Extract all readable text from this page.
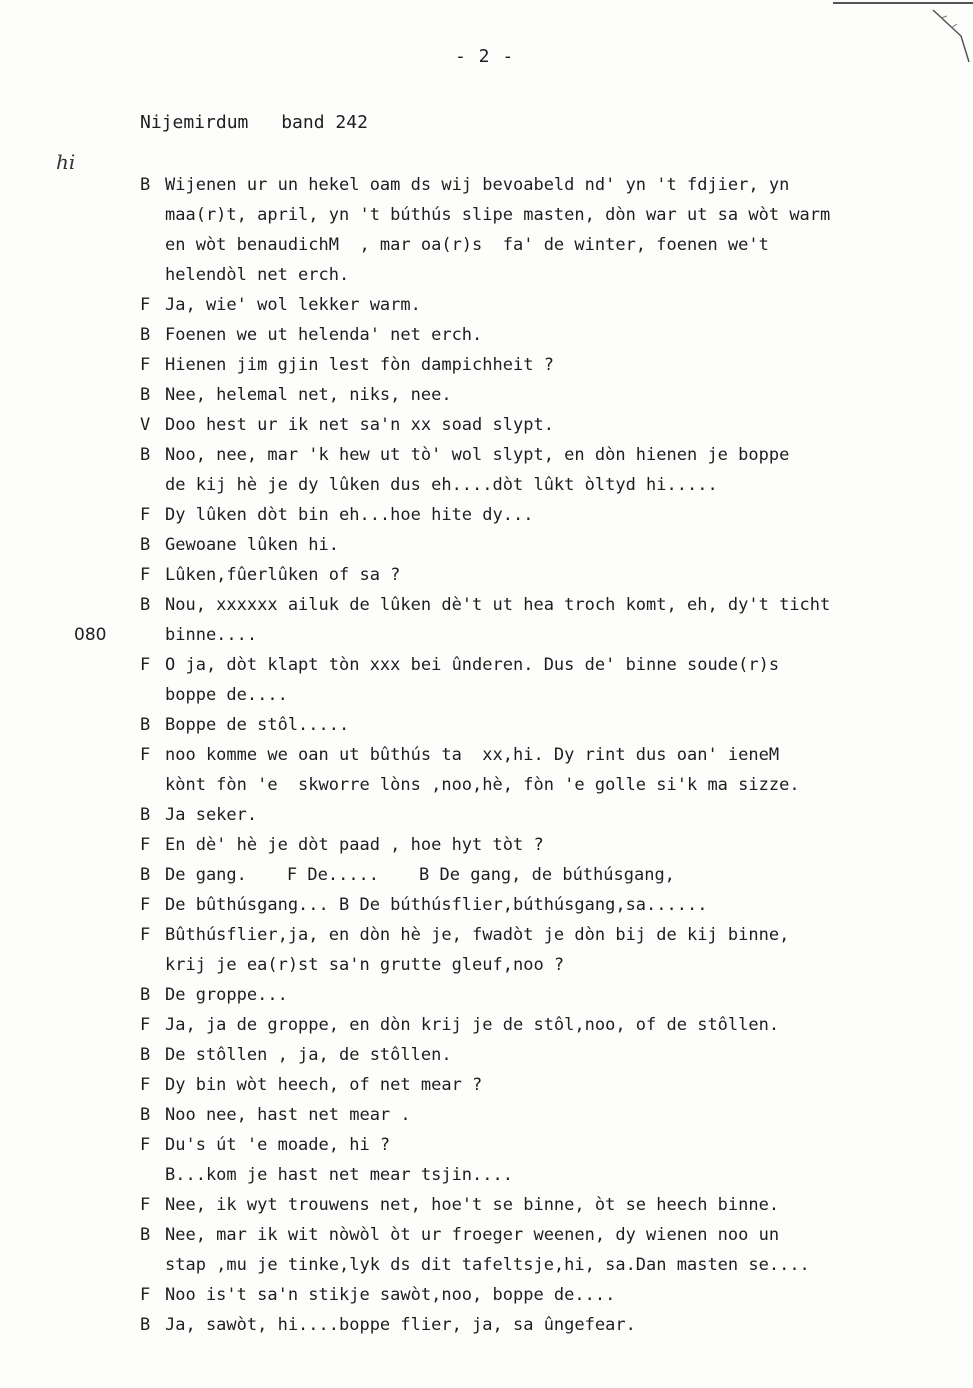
- 2 -
Nijemirdum band 242
hi
B Wijenen ur un hekel oam ds wij bevoabeld nd' yn 't fdjier, yn
maa(r)t, april, yn 't búthús slipe masten, dòn war ut sa wòt warm
en wòt benaudichM  , mar oa(r)s  fa' de winter, foenen we't
helendòl net erch.
F Ja, wie' wol lekker warm.
B Foenen we ut helenda' net erch.
F Hienen jim gjin lest fòn dampichheit ?
B Nee, helemal net, niks, nee.
V Doo hest ur ik net sa'n xx soad slypt.
B Noo, nee, mar 'k hew ut tò' wol slypt, en dòn hienen je boppe
de kij hè je dy lûken dus eh....dòt lûkt òltyd hi.....
F Dy lûken dòt bin eh...hoe hite dy...
B Gewoane lûken hi.
F Lûken,fûerlûken of sa ?
B Nou, xxxxxx ailuk de lûken dè't ut hea troch komt, eh, dy't ticht
080	binne....
F O ja, dòt klapt tòn xxx bei ûnderen. Dus de' binne soude(r)s
boppe de....
B Boppe de stôl.....
F noo komme we oan ut bûthús ta  xx,hi. Dy rint dus oan' ieneM
kònt fòn 'e  skworre lòns ,noo,hè, fòn 'e golle si'k ma sizze.
B Ja seker.
F En dè' hè je dòt paad , hoe hyt tòt ?
B De gang. F De..... B De gang, de búthúsgang,
F De bûthúsgang... B De búthúsflier,búthúsgang,sa......
F Bûthúsflier,ja, en dòn hè je, fwadòt je dòn bij de kij binne,
krij je ea(r)st sa'n grutte gleuf,noo ?
B De groppe...
F Ja, ja de groppe, en dòn krij je de stôl,noo, of de stôllen.
B De stôllen , ja, de stôllen.
F Dy bin wòt heech, of net mear ?
B Noo nee, hast net mear .
F Du's út 'e moade, hi ?
B...kom je hast net mear tsjin....
F Nee, ik wyt trouwens net, hoe't se binne, òt se heech binne.
B Nee, mar ik wit nòwòl òt ur froeger weenen, dy wienen noo un
stap ,mu je tinke,lyk ds dit tafeltsje,hi, sa.Dan masten se....
F Noo is't sa'n stikje sawòt,noo, boppe de....
B Ja, sawòt, hi....boppe flier, ja, sa ûngefear.
